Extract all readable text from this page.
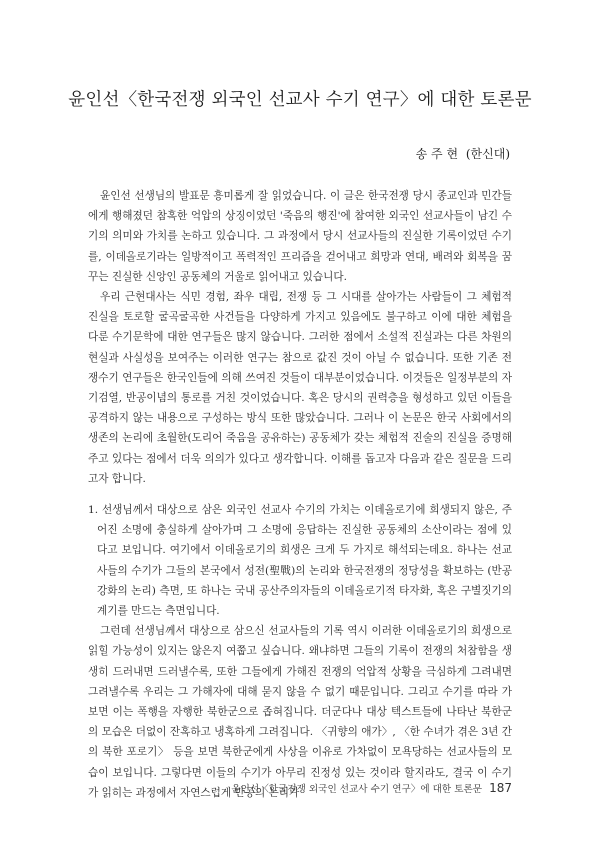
윤인선〈한국전쟁 외국인 선교사 수기 연구〉에 대한 토론문
송 주 현 (한신대)

윤인선 선생님의 발표문 흥미롭게 잘 읽었습니다. 이 글은 한국전쟁 당시 종교인과 민간들에게 행해졌던 참혹한 억압의 상징이었던 '죽음의 행진'에 참여한 외국인 선교사들이 남긴 수기의 의미와 가치를 논하고 있습니다. 그 과정에서 당시 선교사들의 진실한 기록이었던 수기를, 이데올로기라는 일방적이고 폭력적인 프리즘을 걷어내고 희망과 연대, 배려와 회복을 꿈꾸는 진실한 신앙인 공동체의 거울로 읽어내고 있습니다.

우리 근현대사는 식민 경험, 좌우 대립, 전쟁 등 그 시대를 살아가는 사람들이 그 체험적 진실을 토로할 굴곡굴곡한 사건들을 다양하게 가지고 있음에도 불구하고 이에 대한 체험을 다룬 수기문학에 대한 연구들은 많지 않습니다. 그러한 점에서 소설적 진실과는 다른 차원의 현실과 사실성을 보여주는 이러한 연구는 참으로 값진 것이 아닐 수 없습니다. 또한 기존 전쟁수기 연구들은 한국인들에 의해 쓰여진 것들이 대부분이었습니다. 이것들은 일정부분의 자기검열, 반공이념의 통로를 거친 것이었습니다. 혹은 당시의 권력층을 형성하고 있던 이들을 공격하지 않는 내용으로 구성하는 방식 또한 많았습니다. 그러나 이 논문은 한국 사회에서의 생존의 논리에 초월한(도리어 죽음을 공유하는) 공동체가 갖는 체험적 진술의 진실을 증명해 주고 있다는 점에서 더욱 의의가 있다고 생각합니다. 이해를 돕고자 다음과 같은 질문을 드리고자 합니다.

1. 선생님께서 대상으로 삼은 외국인 선교사 수기의 가치는 이데올로기에 희생되지 않은, 주어진 소명에 충실하게 살아가며 그 소명에 응답하는 진실한 공동체의 소산이라는 점에 있다고 보입니다. 여기에서 이데올로기의 희생은 크게 두 가지로 해석되는데요. 하나는 선교사들의 수기가 그들의 본국에서 성전(聖戰)의 논리와 한국전쟁의 정당성을 확보하는 (반공 강화의 논리) 측면, 또 하나는 국내 공산주의자들의 이데올로기적 타자화, 혹은 구별짓기의 계기를 만드는 측면입니다.

그런데 선생님께서 대상으로 삼으신 선교사들의 기록 역시 이러한 이데올로기의 희생으로 읽힐 가능성이 있지는 않은지 여쭙고 싶습니다. 왜냐하면 그들의 기록이 전쟁의 처참함을 생생히 드러내면 드러낼수록, 또한 그들에게 가해진 전쟁의 억압적 상황을 극심하게 그려내면 그려낼수록 우리는 그 가해자에 대해 묻지 않을 수 없기 때문입니다. 그리고 수기를 따라 가보면 이는 폭행을 자행한 북한군으로 좁혀집니다. 더군다나 대상 텍스트들에 나타난 북한군의 모습은 더없이 잔혹하고 냉혹하게 그려집니다. 〈귀향의 애가〉, 〈한 수녀가 겪은 3년 간의 북한 포로기〉 등을 보면 북한군에게 사상을 이유로 가차없이 모욕당하는 선교사들의 모습이 보입니다. 그렇다면 이들의 수기가 아무리 진정성 있는 것이라 할지라도, 결국 이 수기가 읽히는 과정에서 자연스럽게 반공의 논리가

윤인선〈한국전쟁 외국인 선교사 수기 연구〉에 대한 토론문 187
